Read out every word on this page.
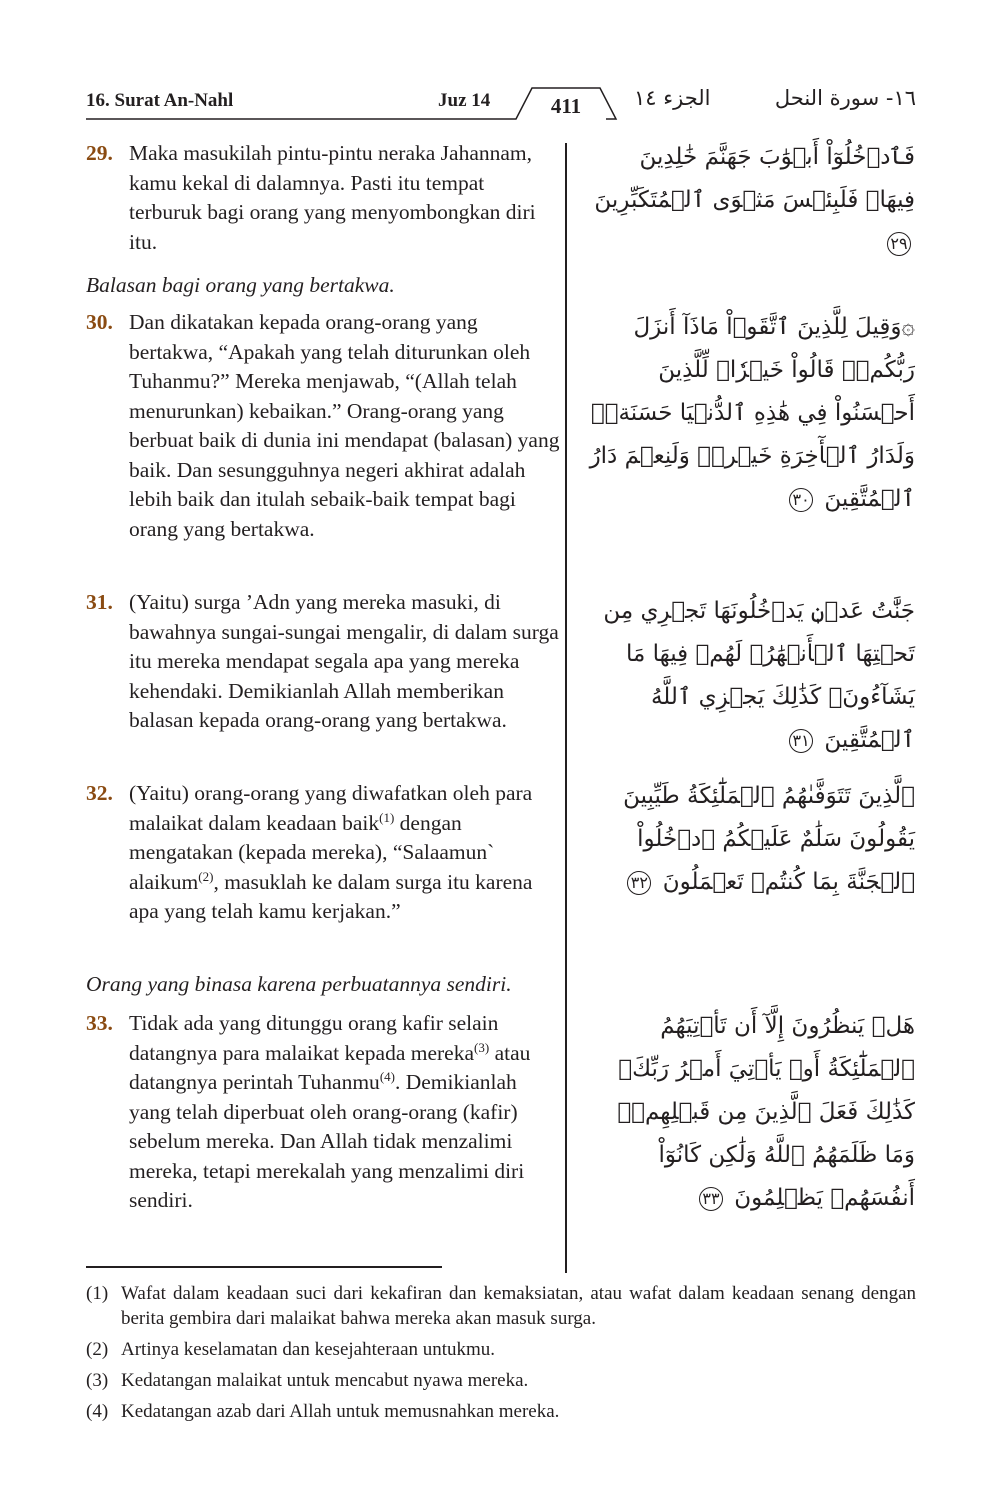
16. Surat An-Nahl	Juz 14	411	الجزء ١٤	١٦- سورة النحل
29. Maka masukilah pintu-pintu neraka Jahannam, kamu kekal di dalamnya. Pasti itu tempat terburuk bagi orang yang menyombongkan diri itu.
فَٱدۡخُلُوٓاْ أَبۡوَٰبَ جَهَنَّمَ خَٰلِدِينَ فِيهَاۖ فَلَبِئۡسَ مَثۡوَى ٱلۡمُتَكَبِّرِينَ ٢٩
Balasan bagi orang yang bertakwa.
30. Dan dikatakan kepada orang-orang yang bertakwa, “Apakah yang telah diturunkan oleh Tuhanmu?” Mereka menjawab, “(Allah telah menurunkan) kebaikan.” Orang-orang yang berbuat baik di dunia ini mendapat (balasan) yang baik. Dan sesungguhnya negeri akhirat adalah lebih baik dan itulah sebaik-baik tempat bagi orang yang bertakwa.
۞وَقِيلَ لِلَّذِينَ ٱتَّقَوۡاْ مَاذَآ أَنزَلَ رَبُّكُمۡۚ قَالُواْ خَيۡرٗاۗ لِّلَّذِينَ أَحۡسَنُواْ فِي هَٰذِهِ ٱلدُّنۡيَا حَسَنَةٞۚ وَلَدَارُ ٱلۡأٓخِرَةِ خَيۡرٞۚ وَلَنِعۡمَ دَارُ ٱلۡمُتَّقِينَ ٣٠
31. (Yaitu) surga ’Adn yang mereka masuki, di bawahnya sungai-sungai mengalir, di dalam surga itu mereka mendapat segala apa yang mereka kehendaki. Demikianlah Allah memberikan balasan kepada orang-orang yang bertakwa.
جَنَّٰتُ عَدۡنٖ يَدۡخُلُونَهَا تَجۡرِي مِن تَحۡتِهَا ٱلۡأَنۡهَٰرُۖ لَهُمۡ فِيهَا مَا يَشَآءُونَۚ كَذَٰلِكَ يَجۡزِي ٱللَّهُ ٱلۡمُتَّقِينَ ٣١
32. (Yaitu) orang-orang yang diwafatkan oleh para malaikat dalam keadaan baik$^{(1)}$ dengan mengatakan (kepada mereka), “Salaamun` alaikum$^{(2)}$, masuklah ke dalam surga itu karena apa yang telah kamu kerjakan.”
ٱلَّذِينَ تَتَوَفَّىٰهُمُ ٱلۡمَلَٰٓئِكَةُ طَيِّبِينَ يَقُولُونَ سَلَٰمٌ عَلَيۡكُمُ ٱدۡخُلُواْ ٱلۡجَنَّةَ بِمَا كُنتُمۡ تَعۡمَلُونَ ٣٢
Orang yang binasa karena perbuatannya sendiri.
33. Tidak ada yang ditunggu orang kafir selain datangnya para malaikat kepada mereka$^{(3)}$ atau datangnya perintah Tuhanmu$^{(4)}$. Demikianlah yang telah diperbuat oleh orang-orang (kafir) sebelum mereka. Dan Allah tidak menzalimi mereka, tetapi merekalah yang menzalimi diri sendiri.
هَلۡ يَنظُرُونَ إِلَّآ أَن تَأۡتِيَهُمُ ٱلۡمَلَٰٓئِكَةُ أَوۡ يَأۡتِيَ أَمۡرُ رَبِّكَۚ كَذَٰلِكَ فَعَلَ ٱلَّذِينَ مِن قَبۡلِهِمۡۚ وَمَا ظَلَمَهُمُ ٱللَّهُ وَلَٰكِن كَانُوٓاْ أَنفُسَهُمۡ يَظۡلِمُونَ ٣٣
(1) Wafat dalam keadaan suci dari kekafiran dan kemaksiatan, atau wafat dalam keadaan senang dengan berita gembira dari malaikat bahwa mereka akan masuk surga.
(2) Artinya keselamatan dan kesejahteraan untukmu.
(3) Kedatangan malaikat untuk mencabut nyawa mereka.
(4) Kedatangan azab dari Allah untuk memusnahkan mereka.
